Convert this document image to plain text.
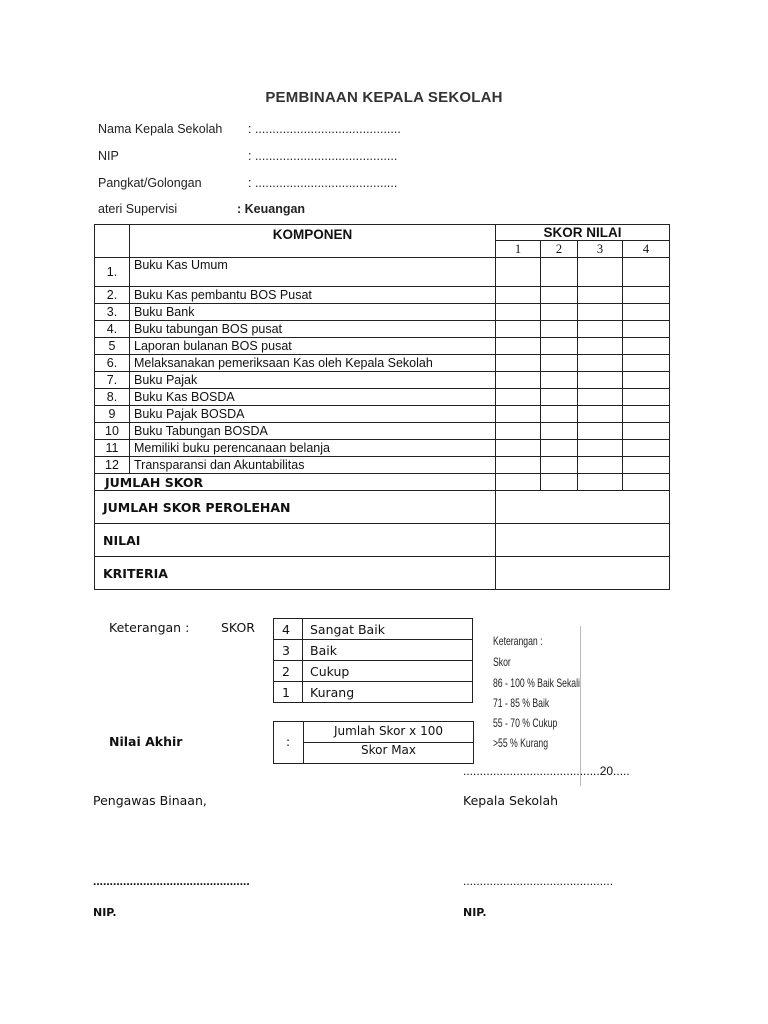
PEMBINAAN KEPALA SEKOLAH
Nama Kepala Sekolah : ..........................................
NIP	: .........................................
Pangkat/Golongan	: .........................................
ateri Supervisi	: Keuangan
	KOMPONEN	SKOR NILAI			
		1	2	3	4
1.	Buku Kas Umum				
2.	Buku Kas pembantu BOS Pusat				
3.	Buku Bank				
4.	Buku tabungan BOS pusat				
5	Laporan bulanan BOS pusat				
6.	Melaksanakan pemeriksaan Kas oleh Kepala Sekolah				
7.	Buku Pajak				
8.	Buku Kas BOSDA				
9	Buku Pajak BOSDA				
10	Buku Tabungan BOSDA				
11	Memiliki buku perencanaan belanja				
12	Transparansi dan Akuntabilitas				
JUMLAH SKOR					
JUMLAH SKOR PEROLEHAN					
NILAI					
KRITERIA					
Keterangan :	SKOR 4	Sangat Baik
3	Baik
2	Cukup
1	Kurang
Nilai Akhir	:
Jumlah Skor x 100
Skor Max
Keterangan :
Skor
86 - 100 % Baik Sekali
71 - 85 % Baik
55 - 70 % Cukup
>55 % Kurang
.........................................20.....
Pengawas Binaan,	Kepala Sekolah
...............................................	.............................................
NIP.	NIP.
